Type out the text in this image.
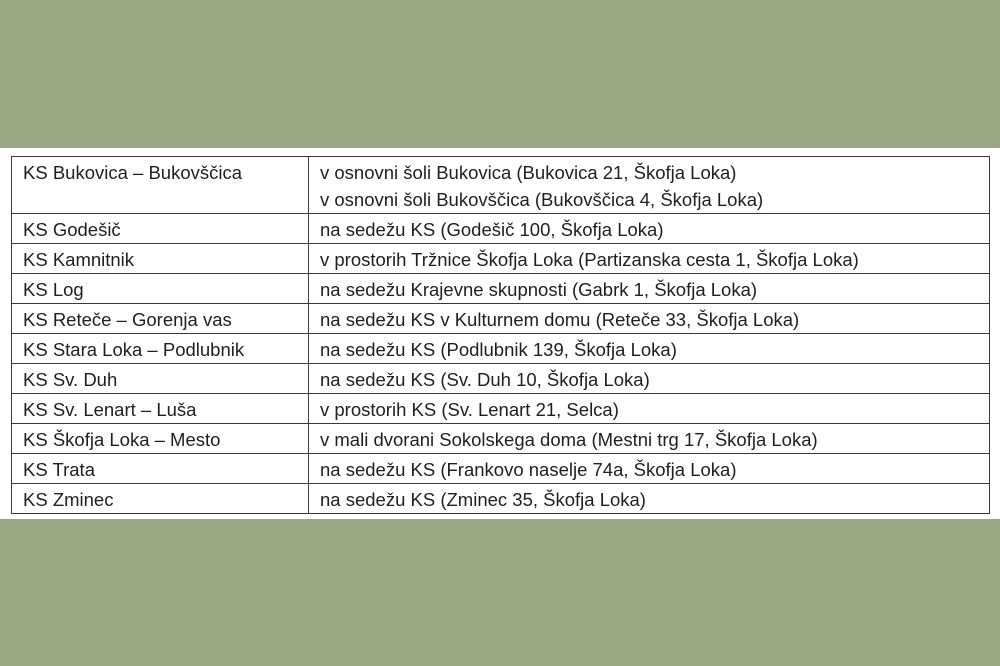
KS Bukovica – Bukovščica	v osnovni šoli Bukovica (Bukovica 21, Škofja Loka)
v osnovni šoli Bukovščica (Bukovščica 4, Škofja Loka)

KS Godešič	na sedežu KS (Godešič 100, Škofja Loka)
KS Kamnitnik	v prostorih Tržnice Škofja Loka (Partizanska cesta 1, Škofja Loka)
KS Log	na sedežu Krajevne skupnosti (Gabrk 1, Škofja Loka)
KS Reteče – Gorenja vas	na sedežu KS v Kulturnem domu (Reteče 33, Škofja Loka)
KS Stara Loka – Podlubnik	na sedežu KS (Podlubnik 139, Škofja Loka)
KS Sv. Duh	na sedežu KS (Sv. Duh 10, Škofja Loka)
KS Sv. Lenart – Luša	v prostorih KS (Sv. Lenart 21, Selca)
KS Škofja Loka – Mesto	v mali dvorani Sokolskega doma (Mestni trg 17, Škofja Loka)
KS Trata	na sedežu KS (Frankovo naselje 74a, Škofja Loka)
KS Zminec	na sedežu KS (Zminec 35, Škofja Loka)
